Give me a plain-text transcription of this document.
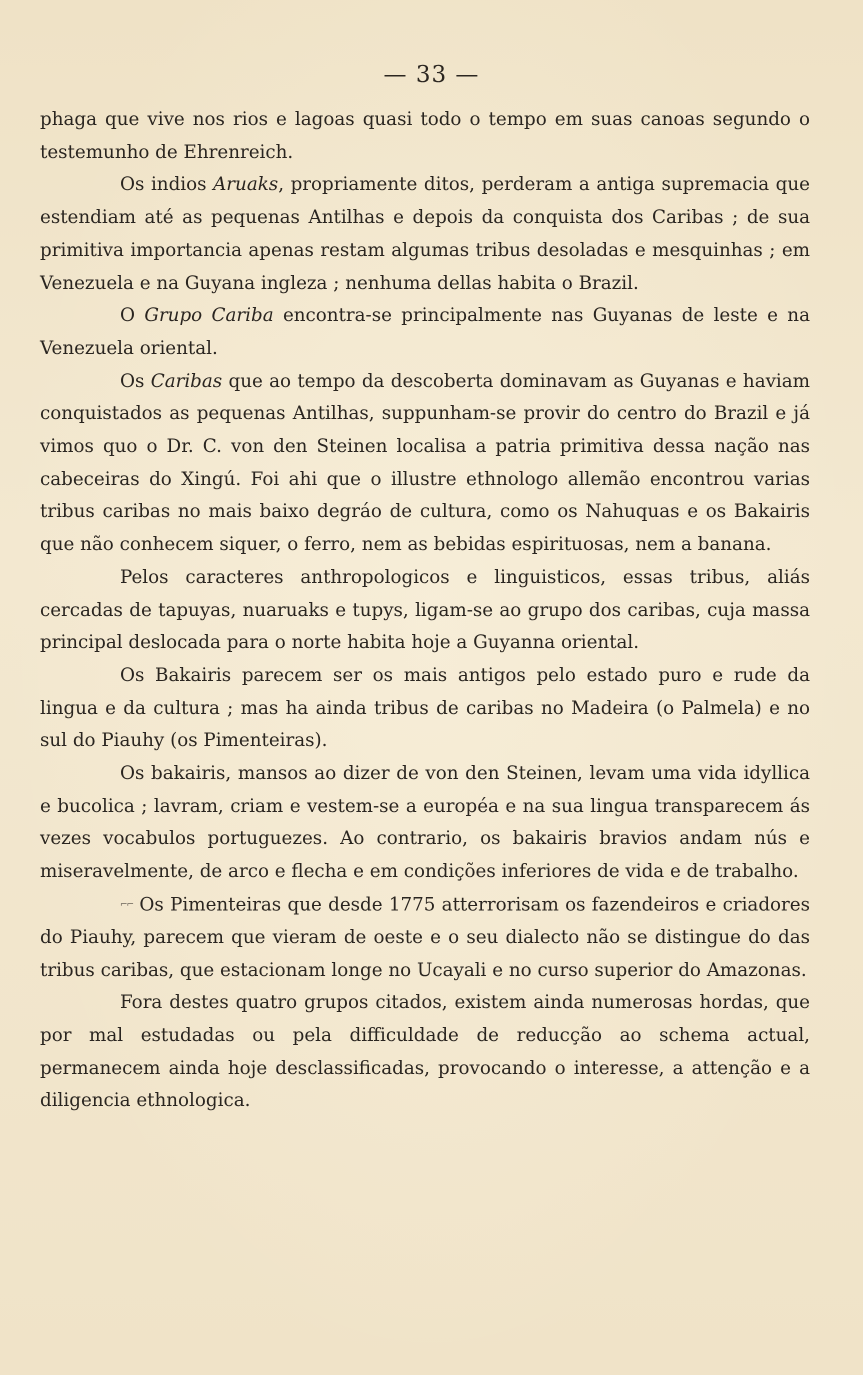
— 33 —

phaga que vive nos rios e lagoas quasi todo o tempo em suas canoas segundo o testemunho de Ehrenreich.

Os indios Aruaks, propriamente ditos, perderam a antiga supremacia que estendiam até as pequenas Antilhas e depois da conquista dos Caribas ; de sua primitiva importancia apenas restam algumas tribus desoladas e mesquinhas ; em Venezuela e na Guyana ingleza ; nenhuma dellas habita o Brazil.

O Grupo Cariba encontra-se principalmente nas Guyanas de leste e na Venezuela oriental.

Os Caribas que ao tempo da descoberta dominavam as Guyanas e haviam conquistados as pequenas Antilhas, suppunham-se provir do centro do Brazil e já vimos quo o Dr. C. von den Steinen localisa a patria primitiva dessa nação nas cabeceiras do Xingú. Foi ahi que o illustre ethnologo allemão encontrou varias tribus caribas no mais baixo degráo de cultura, como os Nahuquas e os Bakairis que não conhecem siquer, o ferro, nem as bebidas espirituosas, nem a banana.

Pelos caracteres anthropologicos e linguisticos, essas tribus, aliás cercadas de tapuyas, nuaruaks e tupys, ligam-se ao grupo dos caribas, cuja massa principal deslocada para o norte habita hoje a Guyanna oriental.

Os Bakairis parecem ser os mais antigos pelo estado puro e rude da lingua e da cultura ; mas ha ainda tribus de caribas no Madeira (o Palmela) e no sul do Piauhy (os Pimenteiras).

Os bakairis, mansos ao dizer de von den Steinen, levam uma vida idyllica e bucolica ; lavram, criam e vestem-se a européa e na sua lingua transparecem ás vezes vocabulos portuguezes. Ao contrario, os bakairis bravios andam nús e miseravelmente, de arco e flecha e em condições inferiores de vida e de trabalho.

⌐⌐ Os Pimenteiras que desde 1775 atterrorisam os fazendeiros e criadores do Piauhy, parecem que vieram de oeste e o seu dialecto não se distingue do das tribus caribas, que estacionam longe no Ucayali e no curso superior do Amazonas.

Fora destes quatro grupos citados, existem ainda numerosas hordas, que por mal estudadas ou pela difficuldade de reducção ao schema actual, permanecem ainda hoje desclassificadas, provocando o interesse, a attenção e a diligencia ethnologica.
